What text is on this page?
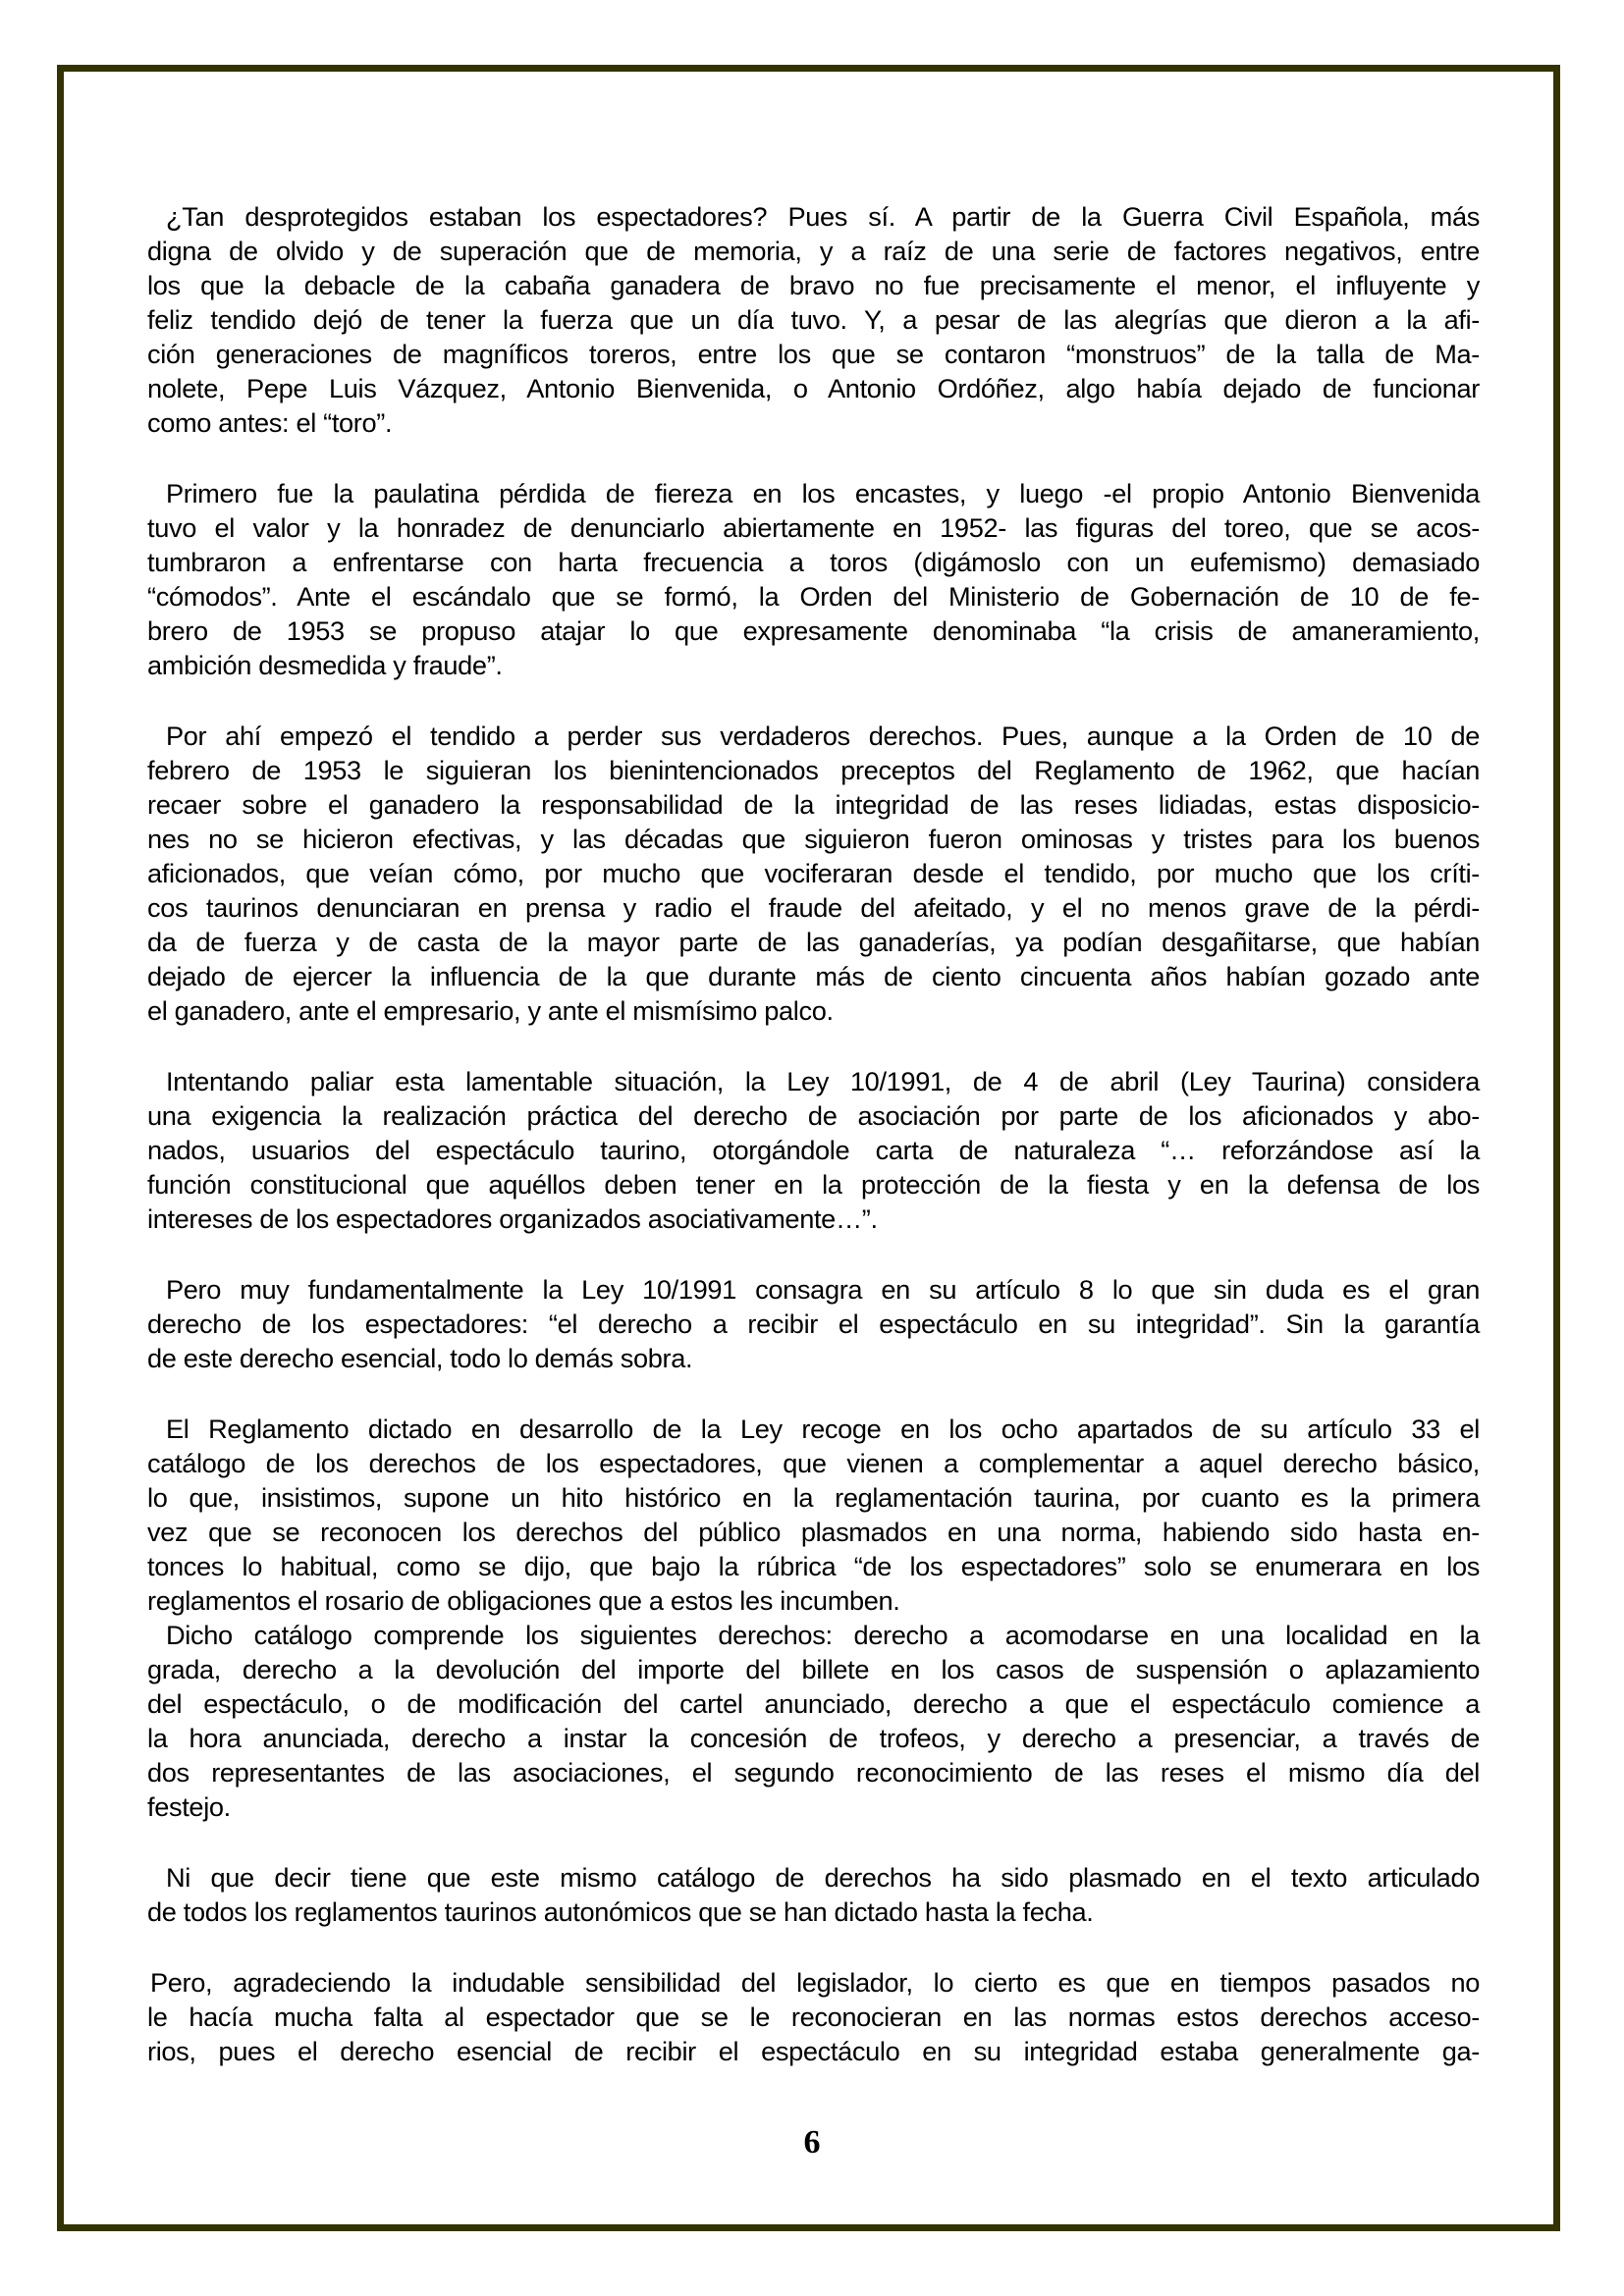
¿Tan desprotegidos estaban los espectadores? Pues sí. A partir de la Guerra Civil Española, más
digna de olvido y de superación que de memoria, y a raíz de una serie de factores negativos, entre
los que la debacle de la cabaña ganadera de bravo no fue precisamente el menor, el influyente y
feliz tendido dejó de tener la fuerza que un día tuvo. Y, a pesar de las alegrías que dieron a la afi-
ción generaciones de magníficos toreros, entre los que se contaron “monstruos” de la talla de Ma-
nolete, Pepe Luis Vázquez, Antonio Bienvenida, o Antonio Ordóñez, algo había dejado de funcionar
como antes: el “toro”.
Primero fue la paulatina pérdida de fiereza en los encastes, y luego -el propio Antonio Bienvenida
tuvo el valor y la honradez de denunciarlo abiertamente en 1952- las figuras del toreo, que se acos-
tumbraron a enfrentarse con harta frecuencia a toros (digámoslo con un eufemismo) demasiado
“cómodos”. Ante el escándalo que se formó, la Orden del Ministerio de Gobernación de 10 de fe-
brero de 1953 se propuso atajar lo que expresamente denominaba “la crisis de amaneramiento,
ambición desmedida y fraude”.
Por ahí empezó el tendido a perder sus verdaderos derechos. Pues, aunque a la Orden de 10 de
febrero de 1953 le siguieran los bienintencionados preceptos del Reglamento de 1962, que hacían
recaer sobre el ganadero la responsabilidad de la integridad de las reses lidiadas, estas disposicio-
nes no se hicieron efectivas, y las décadas que siguieron fueron ominosas y tristes para los buenos
aficionados, que veían cómo, por mucho que vociferaran desde el tendido, por mucho que los críti-
cos taurinos denunciaran en prensa y radio el fraude del afeitado, y el no menos grave de la pérdi-
da de fuerza y de casta de la mayor parte de las ganaderías, ya podían desgañitarse, que habían
dejado de ejercer la influencia de la que durante más de ciento cincuenta años habían gozado ante
el ganadero, ante el empresario, y ante el mismísimo palco.
Intentando paliar esta lamentable situación, la Ley 10/1991, de 4 de abril (Ley Taurina) considera
una exigencia la realización práctica del derecho de asociación por parte de los aficionados y abo-
nados, usuarios del espectáculo taurino, otorgándole carta de naturaleza “… reforzándose así la
función constitucional que aquéllos deben tener en la protección de la fiesta y en la defensa de los
intereses de los espectadores organizados asociativamente…”.
Pero muy fundamentalmente la Ley 10/1991 consagra en su artículo 8 lo que sin duda es el gran
derecho de los espectadores: “el derecho a recibir el espectáculo en su integridad”. Sin la garantía
de este derecho esencial, todo lo demás sobra.
El Reglamento dictado en desarrollo de la Ley recoge en los ocho apartados de su artículo 33 el
catálogo de los derechos de los espectadores, que vienen a complementar a aquel derecho básico,
lo que, insistimos, supone un hito histórico en la reglamentación taurina, por cuanto es la primera
vez que se reconocen los derechos del público plasmados en una norma, habiendo sido hasta en-
tonces lo habitual, como se dijo, que bajo la rúbrica “de los espectadores” solo se enumerara en los
reglamentos el rosario de obligaciones que a estos les incumben.
Dicho catálogo comprende los siguientes derechos: derecho a acomodarse en una localidad en la
grada, derecho a la devolución del importe del billete en los casos de suspensión o aplazamiento
del espectáculo, o de modificación del cartel anunciado, derecho a que el espectáculo comience a
la hora anunciada, derecho a instar la concesión de trofeos, y derecho a presenciar, a través de
dos representantes de las asociaciones, el segundo reconocimiento de las reses el mismo día del
festejo.
Ni que decir tiene que este mismo catálogo de derechos ha sido plasmado en el texto articulado
de todos los reglamentos taurinos autonómicos que se han dictado hasta la fecha.
Pero, agradeciendo la indudable sensibilidad del legislador, lo cierto es que en tiempos pasados no
le hacía mucha falta al espectador que se le reconocieran en las normas estos derechos acceso-
rios, pues el derecho esencial de recibir el espectáculo en su integridad estaba generalmente ga-
6
